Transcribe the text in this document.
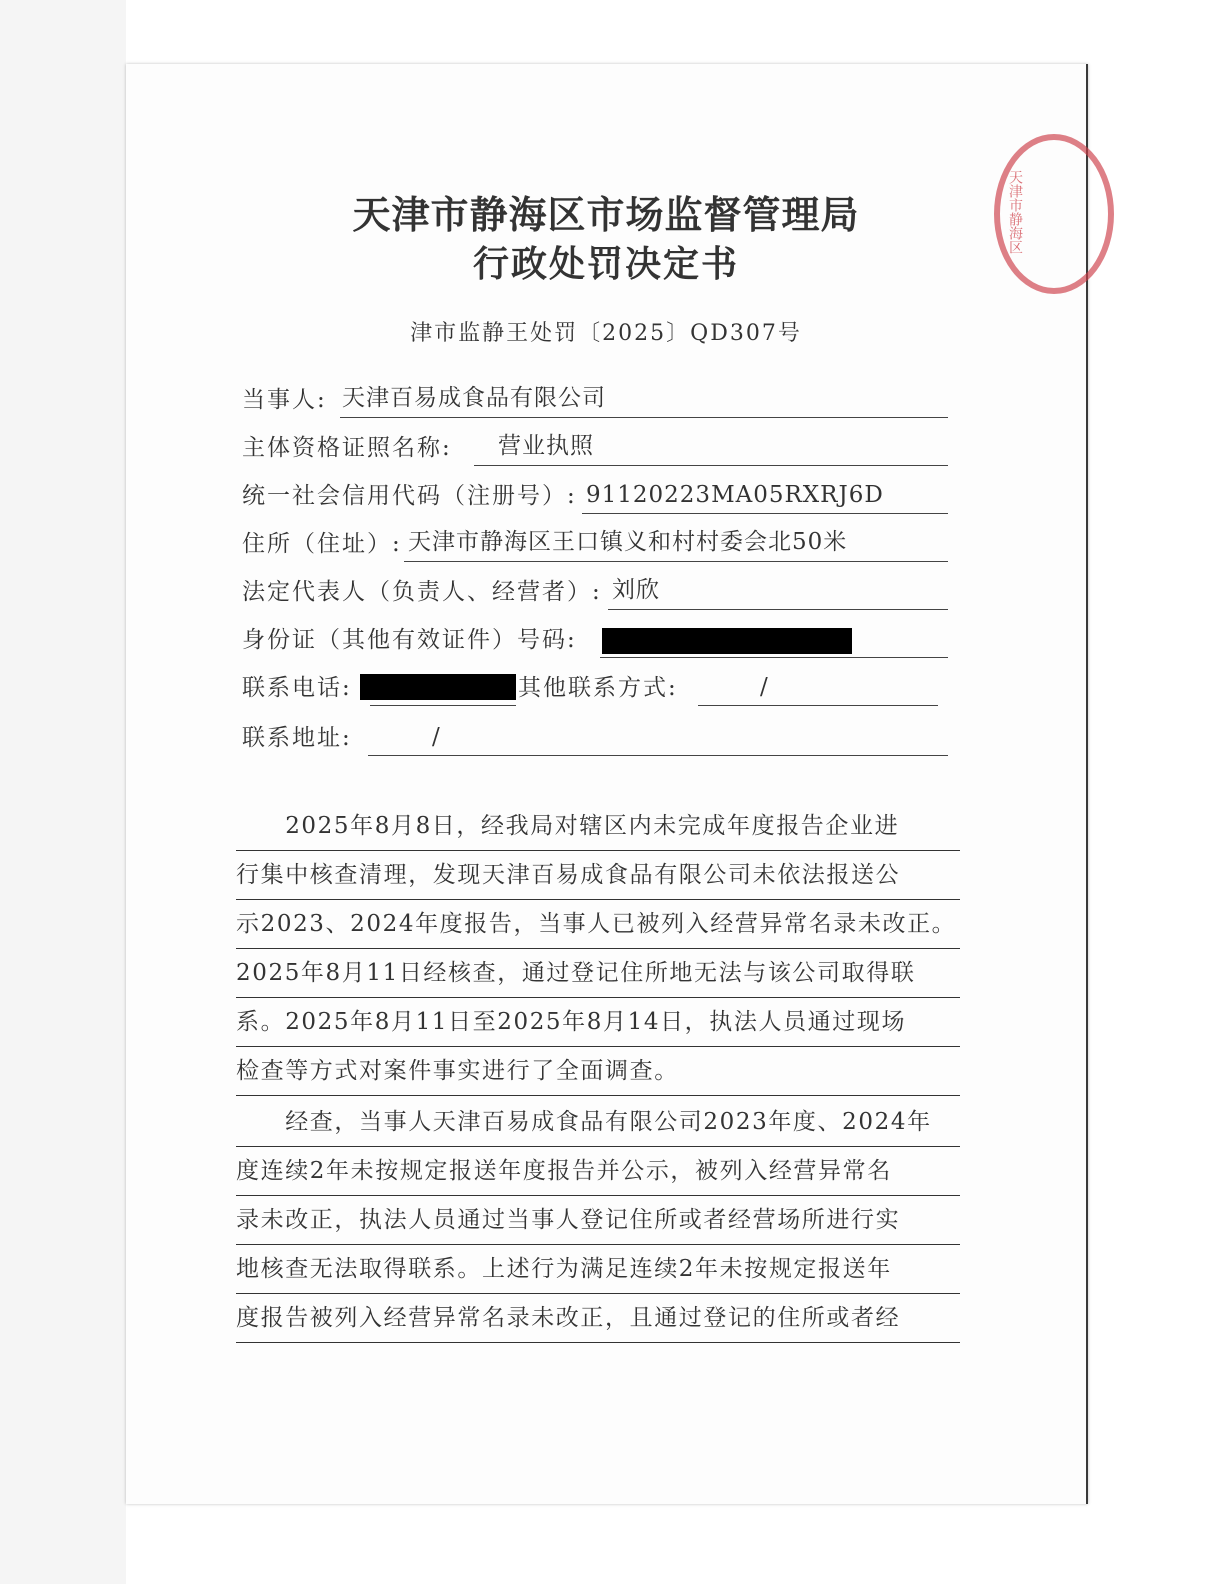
天津市静海区
天津市静海区市场监督管理局
行政处罚决定书
津市监静王处罚〔2025〕QD307号
当事人: 天津百易成食品有限公司
主体资格证照名称: 营业执照
统一社会信用代码（注册号）: 91120223MA05RXRJ6D
住所（住址）: 天津市静海区王口镇义和村村委会北50米
法定代表人（负责人、经营者）: 刘欣
身份证（其他有效证件）号码:
联系电话:	其他联系方式:	/
联系地址:	/
　　2025年8月8日，经我局对辖区内未完成年度报告企业进
行集中核查清理，发现天津百易成食品有限公司未依法报送公
示2023、2024年度报告，当事人已被列入经营异常名录未改正。
2025年8月11日经核查，通过登记住所地无法与该公司取得联
系。2025年8月11日至2025年8月14日，执法人员通过现场
检查等方式对案件事实进行了全面调查。
　　经查，当事人天津百易成食品有限公司2023年度、2024年
度连续2年未按规定报送年度报告并公示，被列入经营异常名
录未改正，执法人员通过当事人登记住所或者经营场所进行实
地核查无法取得联系。上述行为满足连续2年未按规定报送年
度报告被列入经营异常名录未改正，且通过登记的住所或者经
